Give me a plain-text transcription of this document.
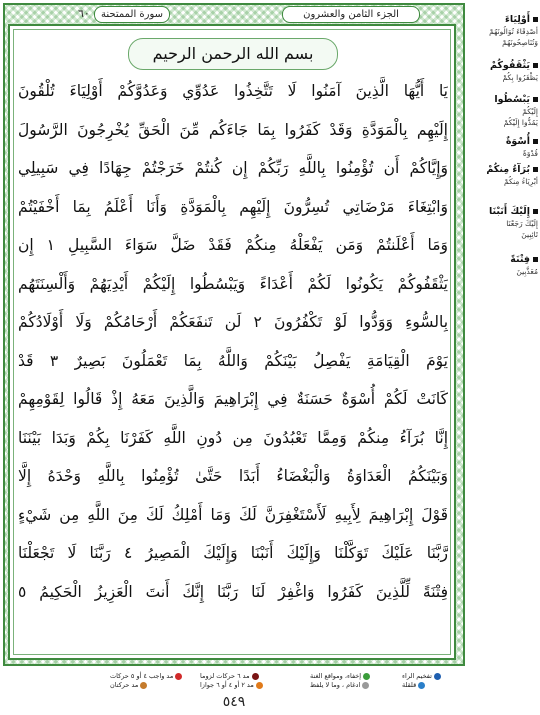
الجزء الثامن والعشرون
سورة الممتحنة
٦٠
بسم الله الرحمن الرحيم
يَا أَيُّهَا الَّذِينَ آمَنُوا لَا تَتَّخِذُوا عَدُوِّي وَعَدُوَّكُمْ أَوْلِيَاءَ تُلْقُونَ
إِلَيْهِم بِالْمَوَدَّةِ وَقَدْ كَفَرُوا بِمَا جَاءَكُم مِّنَ الْحَقِّ يُخْرِجُونَ الرَّسُولَ
وَإِيَّاكُمْ أَن تُؤْمِنُوا بِاللَّهِ رَبِّكُمْ إِن كُنتُمْ خَرَجْتُمْ جِهَادًا فِي سَبِيلِي
وَابْتِغَاءَ مَرْضَاتِي تُسِرُّونَ إِلَيْهِم بِالْمَوَدَّةِ وَأَنَا أَعْلَمُ بِمَا أَخْفَيْتُمْ
وَمَا أَعْلَنتُمْ وَمَن يَفْعَلْهُ مِنكُمْ فَقَدْ ضَلَّ سَوَاءَ السَّبِيلِ ١ إِن
يَثْقَفُوكُمْ يَكُونُوا لَكُمْ أَعْدَاءً وَيَبْسُطُوا إِلَيْكُمْ أَيْدِيَهُمْ وَأَلْسِنَتَهُم
بِالسُّوءِ وَوَدُّوا لَوْ تَكْفُرُونَ ٢ لَن تَنفَعَكُمْ أَرْحَامُكُمْ وَلَا أَوْلَادُكُمْ
يَوْمَ الْقِيَامَةِ يَفْصِلُ بَيْنَكُمْ وَاللَّهُ بِمَا تَعْمَلُونَ بَصِيرٌ ٣ قَدْ
كَانَتْ لَكُمْ أُسْوَةٌ حَسَنَةٌ فِي إِبْرَاهِيمَ وَالَّذِينَ مَعَهُ إِذْ قَالُوا لِقَوْمِهِمْ
إِنَّا بُرَآءُ مِنكُمْ وَمِمَّا تَعْبُدُونَ مِن دُونِ اللَّهِ كَفَرْنَا بِكُمْ وَبَدَا بَيْنَنَا
وَبَيْنَكُمُ الْعَدَاوَةُ وَالْبَغْضَاءُ أَبَدًا حَتَّىٰ تُؤْمِنُوا بِاللَّهِ وَحْدَهُ إِلَّا
قَوْلَ إِبْرَاهِيمَ لِأَبِيهِ لَأَسْتَغْفِرَنَّ لَكَ وَمَا أَمْلِكُ لَكَ مِنَ اللَّهِ مِن شَيْءٍ
رَّبَّنَا عَلَيْكَ تَوَكَّلْنَا وَإِلَيْكَ أَنَبْنَا وَإِلَيْكَ الْمَصِيرُ ٤ رَبَّنَا لَا تَجْعَلْنَا
فِتْنَةً لِّلَّذِينَ كَفَرُوا وَاغْفِرْ لَنَا رَبَّنَا إِنَّكَ أَنتَ الْعَزِيزُ الْحَكِيمُ ٥
تفخيم الراء
قلقلة
إخفاء، ومواقع الغنة
ادغام ، وما لا يلفظ
مد ٦ حركات لزوما
مد ٢ أو ٤ أو ٦ جوازا
مد واجب ٤ أو ٥ حركات
مد حركتان
٥٤٩
أَوْلِيَاءَ
أَصْدِقَاءَ تُوَالُونَهُمْ
وَتُنَاصِحُونَهُمْ
يَثْقَفُوكُمْ
يَظْفَرُوا بِكُمْ
يَبْسُطُوا
إِلَيْكُمْ
يَمُدُّوا إِلَيْكُمْ
أُسْوَةٌ
قُدْوَةٌ
بُرَآءُ مِنكُمْ
أَبْرِيَاءُ مِنكُمْ
إِلَيْكَ أَنَبْنَا
إِلَيْكَ رَجَعْنَا
تَائِبِينَ
فِتْنَةً
مُعَذَّبِينَ
